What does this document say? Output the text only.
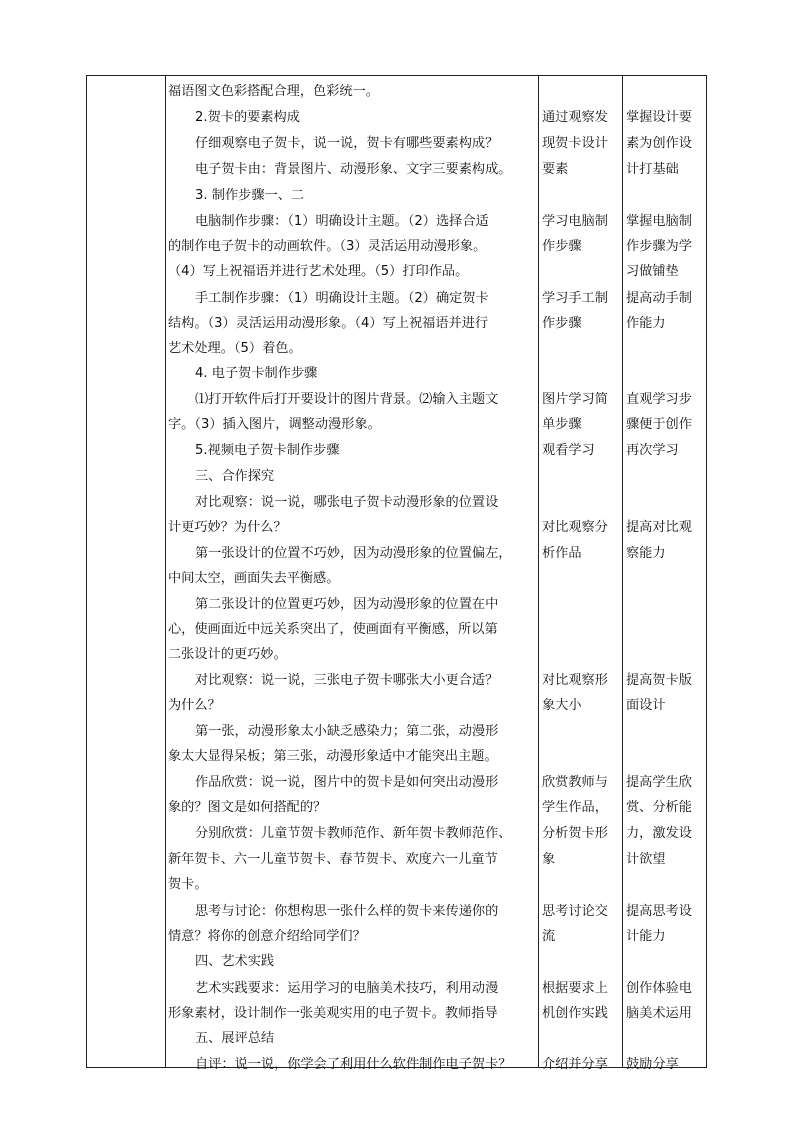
福语图文色彩搭配合理，色彩统一。
2.贺卡的要素构成
仔细观察电子贺卡，说一说，贺卡有哪些要素构成？
电子贺卡由：背景图片、动漫形象、文字三要素构成。
3. 制作步骤一、二
电脑制作步骤：（1）明确设计主题。（2）选择合适
的制作电子贺卡的动画软件。（3）灵活运用动漫形象。
（4）写上祝福语并进行艺术处理。（5）打印作品。
手工制作步骤：（1）明确设计主题。（2）确定贺卡
结构。（3）灵活运用动漫形象。（4）写上祝福语并进行
艺术处理。（5）着色。
4. 电子贺卡制作步骤
⑴打开软件后打开要设计的图片背景。⑵输入主题文
字。（3）插入图片，调整动漫形象。
5.视频电子贺卡制作步骤
三、合作探究
对比观察：说一说，哪张电子贺卡动漫形象的位置设
计更巧妙？为什么？
第一张设计的位置不巧妙，因为动漫形象的位置偏左，
中间太空，画面失去平衡感。
第二张设计的位置更巧妙，因为动漫形象的位置在中
心，使画面近中远关系突出了，使画面有平衡感，所以第
二张设计的更巧妙。
对比观察：说一说，三张电子贺卡哪张大小更合适？
为什么？
第一张，动漫形象太小缺乏感染力；第二张，动漫形
象太大显得呆板；第三张，动漫形象适中才能突出主题。
作品欣赏：说一说，图片中的贺卡是如何突出动漫形
象的？图文是如何搭配的？
分别欣赏：儿童节贺卡教师范作、新年贺卡教师范作、
新年贺卡、六一儿童节贺卡、春节贺卡、欢度六一儿童节
贺卡。
思考与讨论：你想构思一张什么样的贺卡来传递你的
情意？将你的创意介绍给同学们？
四、艺术实践
艺术实践要求：运用学习的电脑美术技巧，利用动漫
形象素材，设计制作一张美观实用的电子贺卡。教师指导
五、展评总结
自评：说一说，你学会了利用什么软件制作电子贺卡？
通过观察发
现贺卡设计
要素
学习电脑制
作步骤
学习手工制
作步骤
图片学习简
单步骤
观看学习
对比观察分
析作品
对比观察形
象大小
欣赏教师与
学生作品，
分析贺卡形
象
思考讨论交
流
根据要求上
机创作实践
介绍并分享
掌握设计要
素为创作设
计打基础
掌握电脑制
作步骤为学
习做铺垫
提高动手制
作能力
直观学习步
骤便于创作
再次学习
提高对比观
察能力
提高贺卡版
面设计
提高学生欣
赏、分析能
力，激发设
计欲望
提高思考设
计能力
创作体验电
脑美术运用
鼓励分享
